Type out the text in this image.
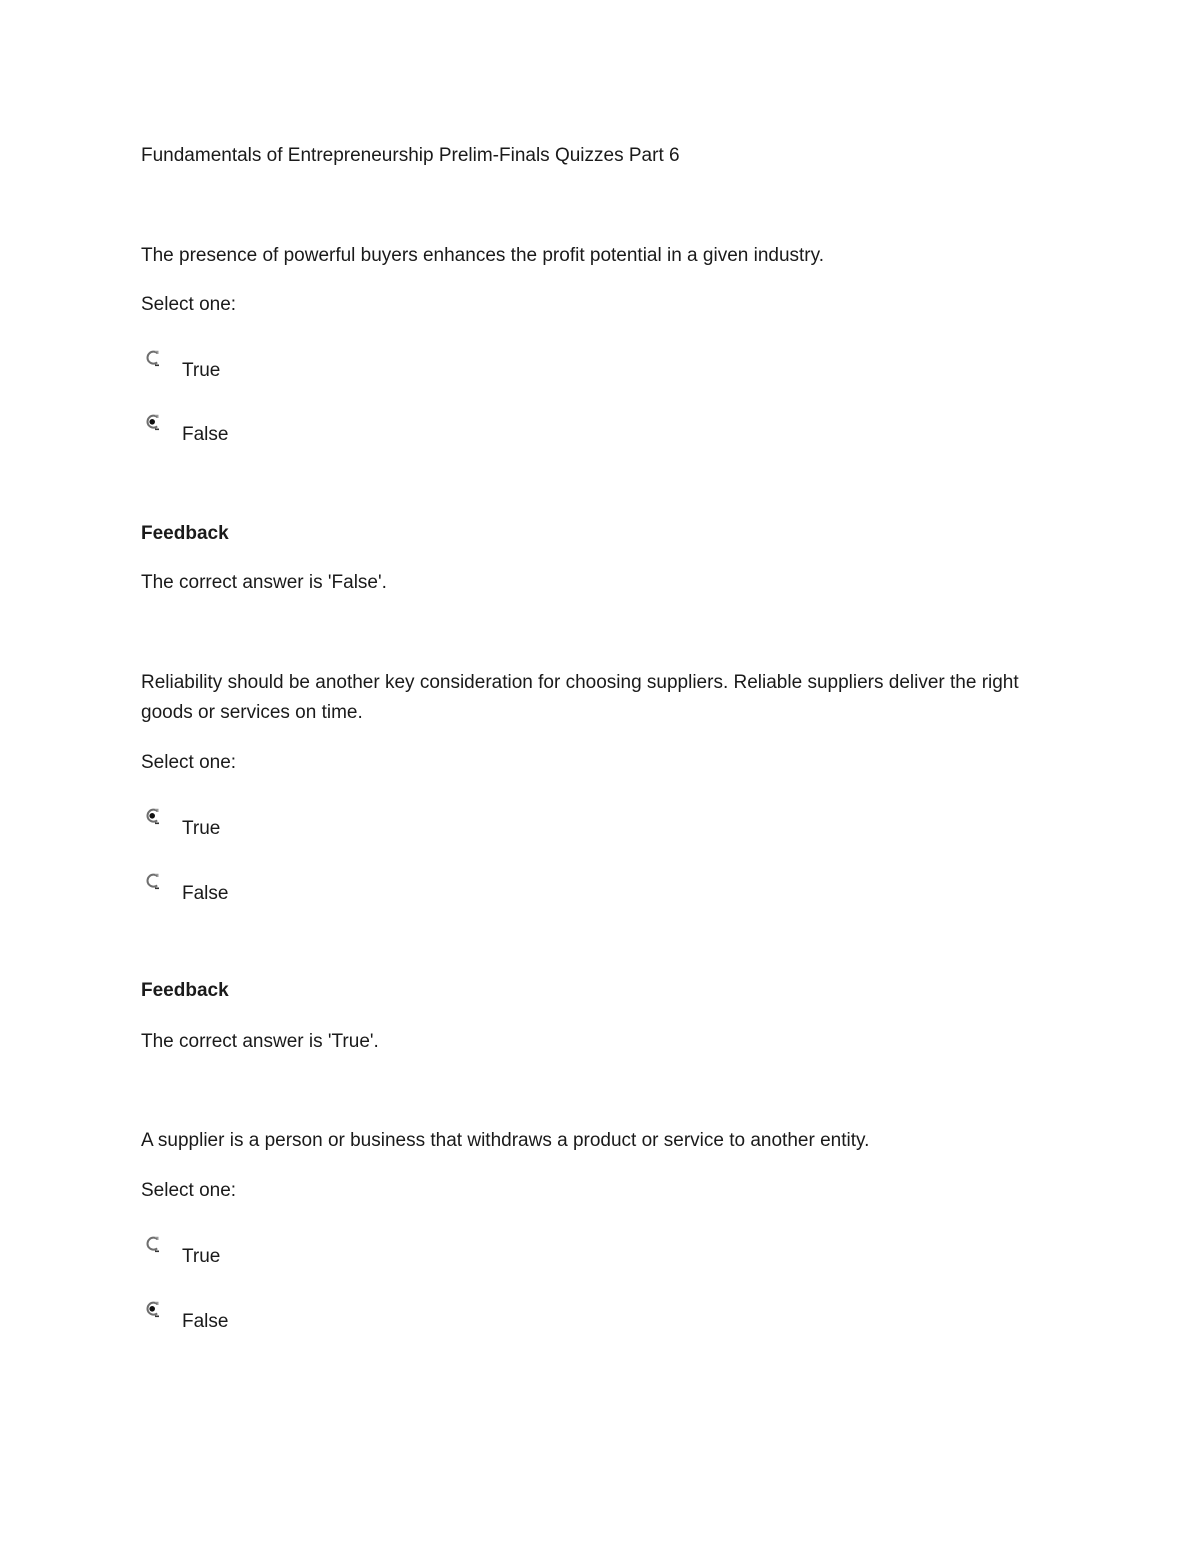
Fundamentals of Entrepreneurship Prelim-Finals Quizzes Part 6
The presence of powerful buyers enhances the profit potential in a given industry.
Select one:
True
False
Feedback
The correct answer is 'False'.
Reliability should be another key consideration for choosing suppliers. Reliable suppliers deliver the right goods or services on time.
Select one:
True
False
Feedback
The correct answer is 'True'.
A supplier is a person or business that withdraws a product or service to another entity.
Select one:
True
False
